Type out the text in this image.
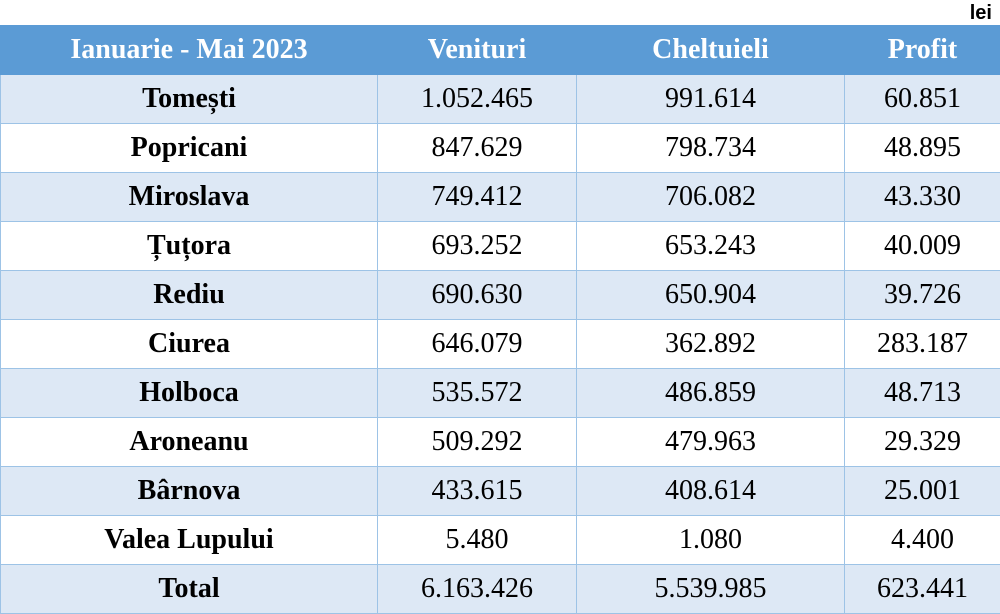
lei
Ianuarie - Mai 2023	Venituri	Cheltuieli	Profit
Tomești	1.052.465	991.614	60.851
Popricani	847.629	798.734	48.895
Miroslava	749.412	706.082	43.330
Țuțora	693.252	653.243	40.009
Rediu	690.630	650.904	39.726
Ciurea	646.079	362.892	283.187
Holboca	535.572	486.859	48.713
Aroneanu	509.292	479.963	29.329
Bârnova	433.615	408.614	25.001
Valea Lupului	5.480	1.080	4.400
Total	6.163.426	5.539.985	623.441
